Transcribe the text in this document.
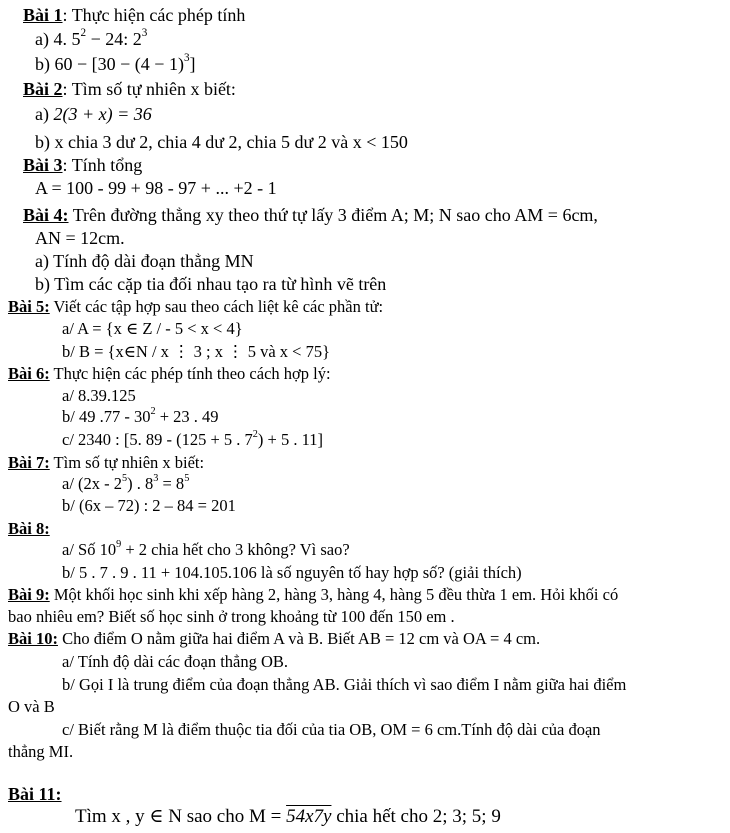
Bài 1: Thực hiện các phép tính
a) 4. $5^2 - 24$: $2^3$
b) $60 - [30 - (4 - 1)^3]$
Bài 2: Tìm số tự nhiên x biết:
a) 2(3 + x) = 36
b) x chia 3 dư 2, chia 4 dư 2, chia 5 dư 2 và x < 150
Bài 3: Tính tổng
A = 100 - 99 + 98 - 97 + ... +2 - 1
Bài 4: Trên đường thẳng xy theo thứ tự lấy 3 điểm A; M; N sao cho AM = 6cm,
AN = 12cm.
a) Tính độ dài đoạn thẳng MN
b) Tìm các cặp tia đối nhau tạo ra từ hình vẽ trên
Bài 5: Viết các tập hợp sau theo cách liệt kê các phần tử:
a/ A = {x ∈ Z / - 5 < x < 4}
b/ B = {x∈N / x ⋮ 3 ; x ⋮ 5 và x < 75}
Bài 6: Thực hiện các phép tính theo cách hợp lý:
a/ 8.39.125
b/ 49 $.77 - 30^2 + 23$ . 49
c/ 2340 : [5. 89 - (125 + 5 . $7^2) + 5$ . 11]
Bài 7: Tìm số tự nhiên x biết:
a/ $(2x - 2^5)$ . $8^3 = 8^5$
b/ (6x – 72) : 2 – 84 = 201
Bài 8:
a/ Số $10^9 + 2$ chia hết cho 3 không? Vì sao?
b/ 5 . 7 . 9 . 11 + 104.105.106 là số nguyên tố hay hợp số? (giải thích)
Bài 9: Một khối học sinh khi xếp hàng 2, hàng 3, hàng 4, hàng 5 đều thừa 1 em. Hỏi khối có
bao nhiêu em? Biết số học sinh ở trong khoảng từ 100 đến 150 em .
Bài 10: Cho điểm O nằm giữa hai điểm A và B. Biết AB = 12 cm và OA = 4 cm.
a/ Tính độ dài các đoạn thẳng OB.
b/ Gọi I là trung điểm của đoạn thẳng AB. Giải thích vì sao điểm I nằm giữa hai điểm
O và B
c/ Biết rằng M là điểm thuộc tia đối của tia OB, OM = 6 cm.Tính độ dài của đoạn
thẳng MI.
Bài 11:
Tìm x , y ∈ N sao cho M = 54x7y chia hết cho 2; 3; 5; 9
